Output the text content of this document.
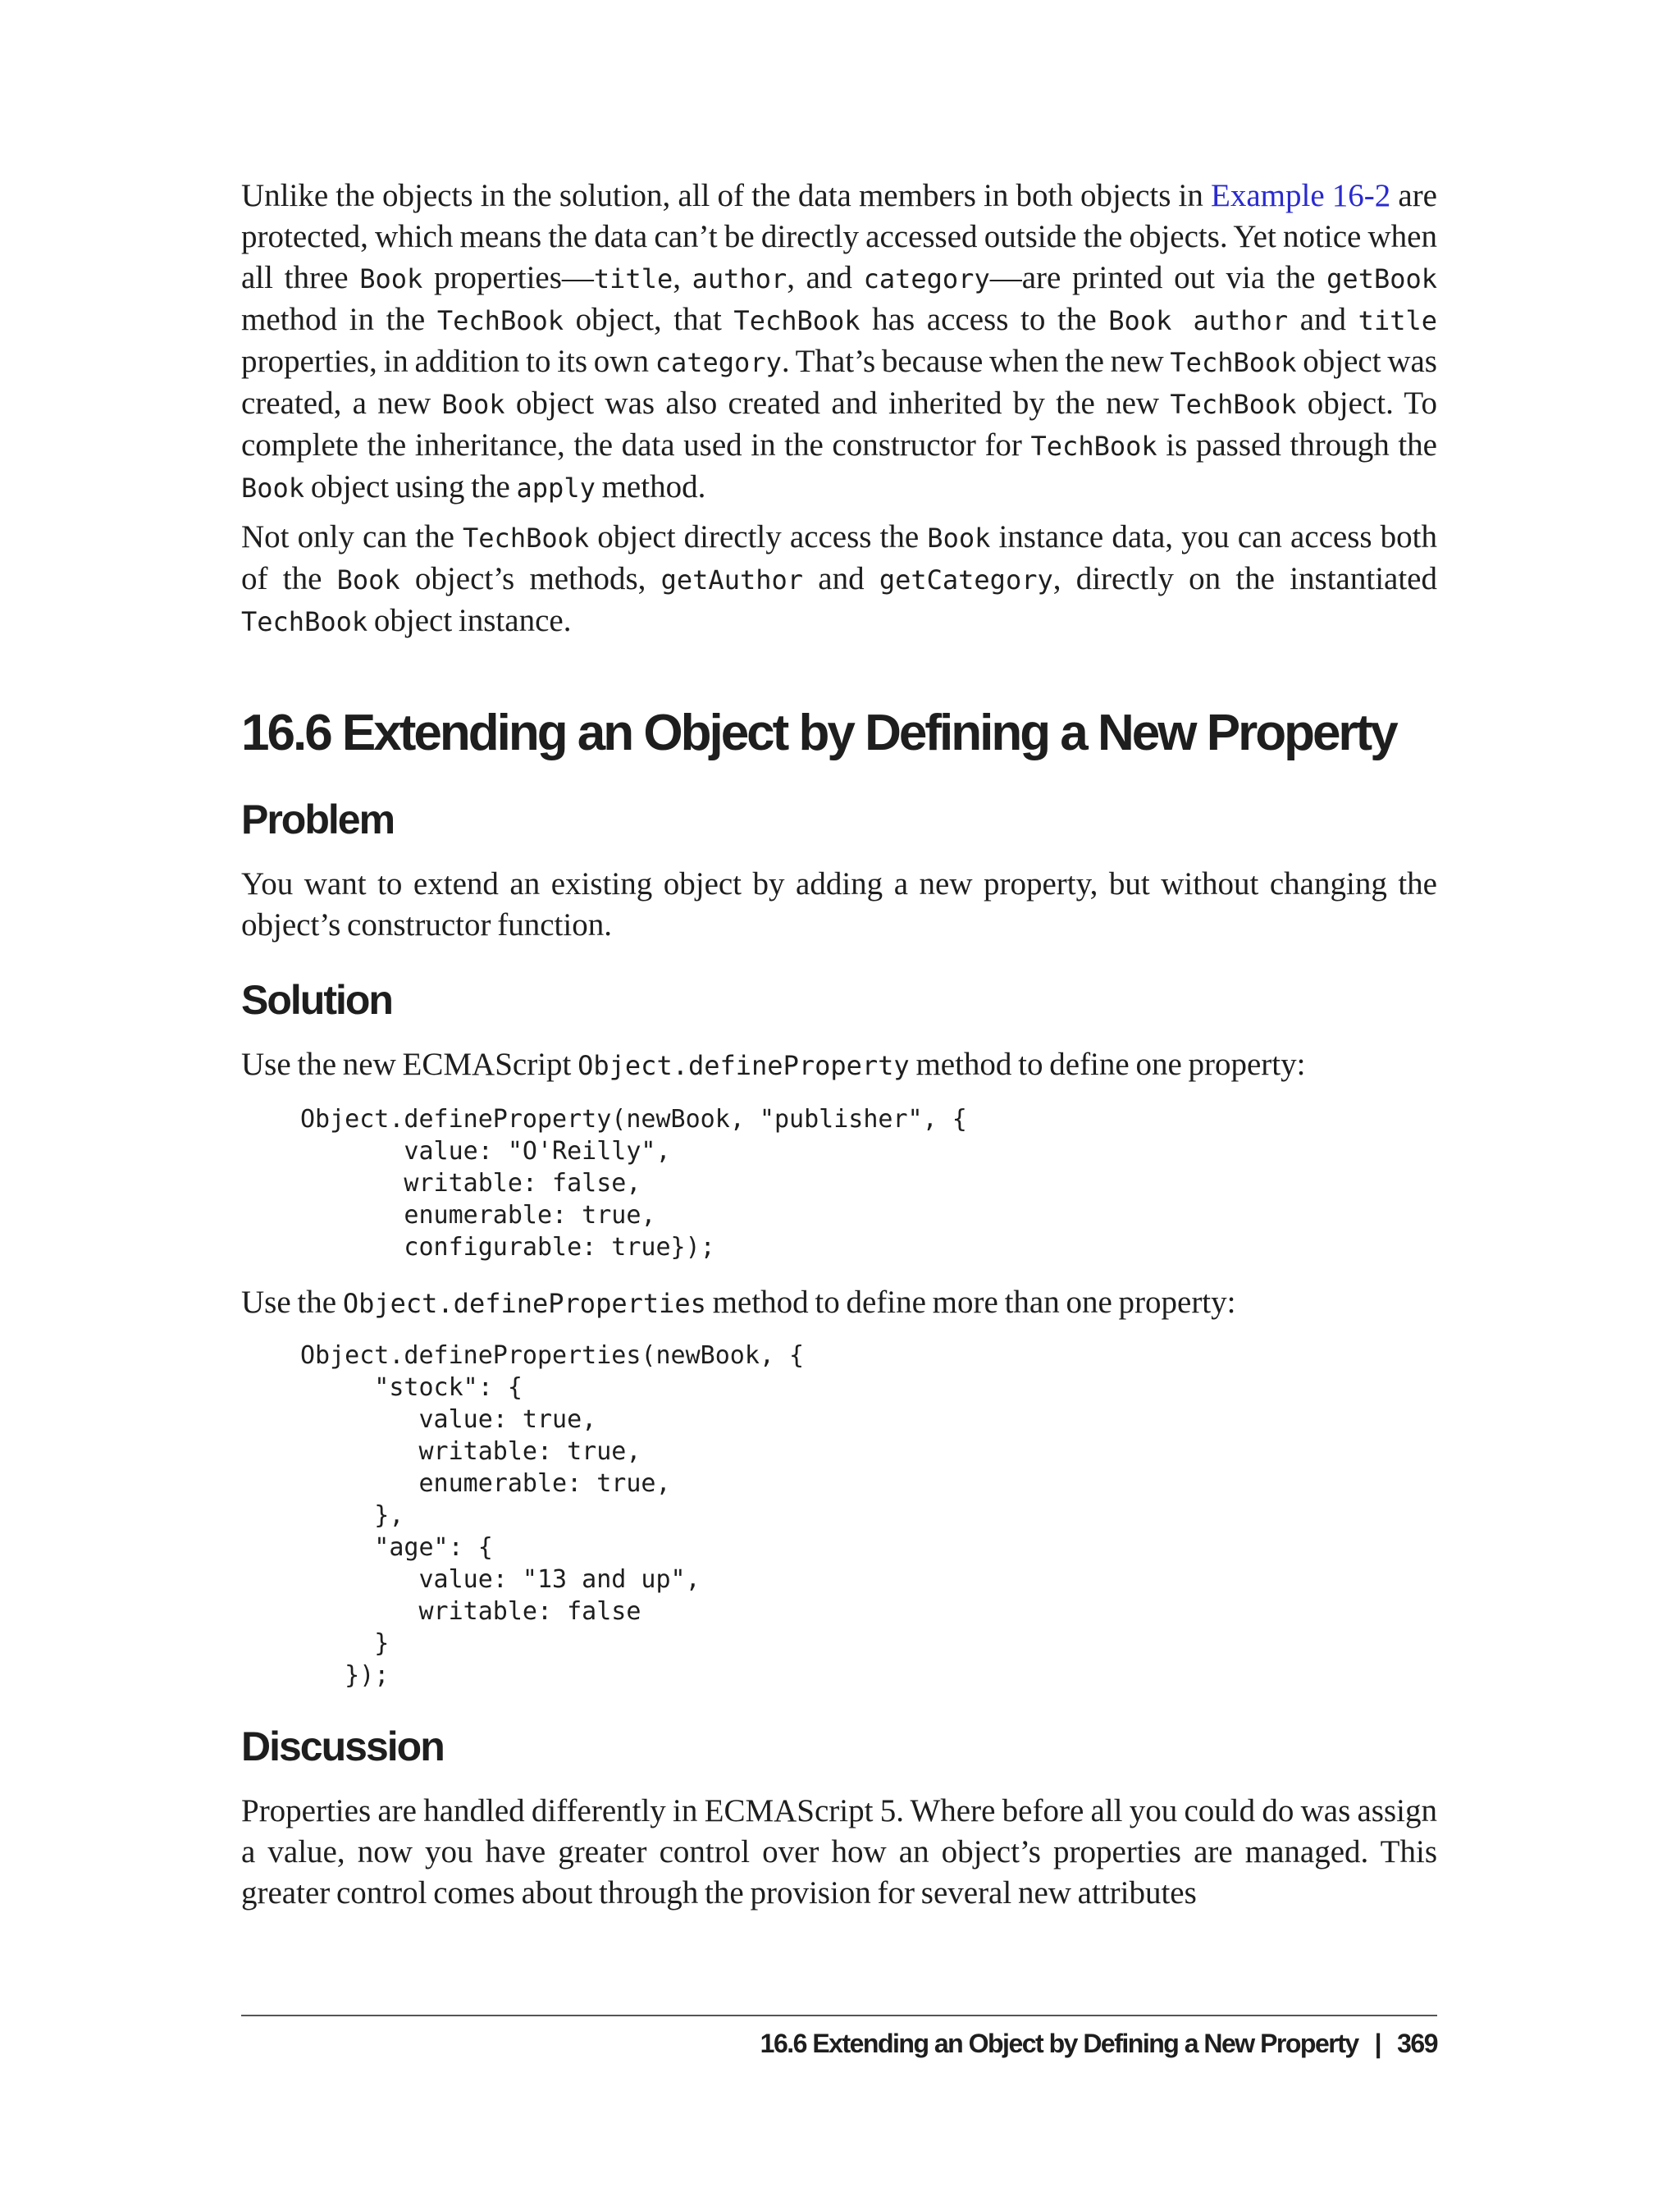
Unlike the objects in the solution, all of the data members in both objects in Example 16-2 are protected, which means the data can’t be directly accessed outside the objects. Yet notice when all three Book properties—title, author, and category—are printed out via the getBook method in the TechBook object, that TechBook has access to the Book author and title properties, in addition to its own category. That’s because when the new TechBook object was created, a new Book object was also created and inherited by the new TechBook object. To complete the inheritance, the data used in the constructor for TechBook is passed through the Book object using the apply method.

Not only can the TechBook object directly access the Book instance data, you can access both of the Book object’s methods, getAuthor and getCategory, directly on the instantiated TechBook object instance.

16.6 Extending an Object by Defining a New Property
Problem

You want to extend an existing object by adding a new property, but without changing the object’s constructor function.

Solution

Use the new ECMAScript Object.defineProperty method to define one property:

Object.defineProperty(newBook, "publisher", {
value: "O'Reilly",
writable: false,
enumerable: true,
configurable: true});

Use the Object.defineProperties method to define more than one property:

Object.defineProperties(newBook, {
"stock": {
value: true,
writable: true,
enumerable: true,
},
"age": {
value: "13 and up",
writable: false
}
});
Discussion

Properties are handled differently in ECMAScript 5. Where before all you could do was assign a value, now you have greater control over how an object’s properties are managed. This greater control comes about through the provision for several new attributes

16.6 Extending an Object by Defining a New Property | 369
